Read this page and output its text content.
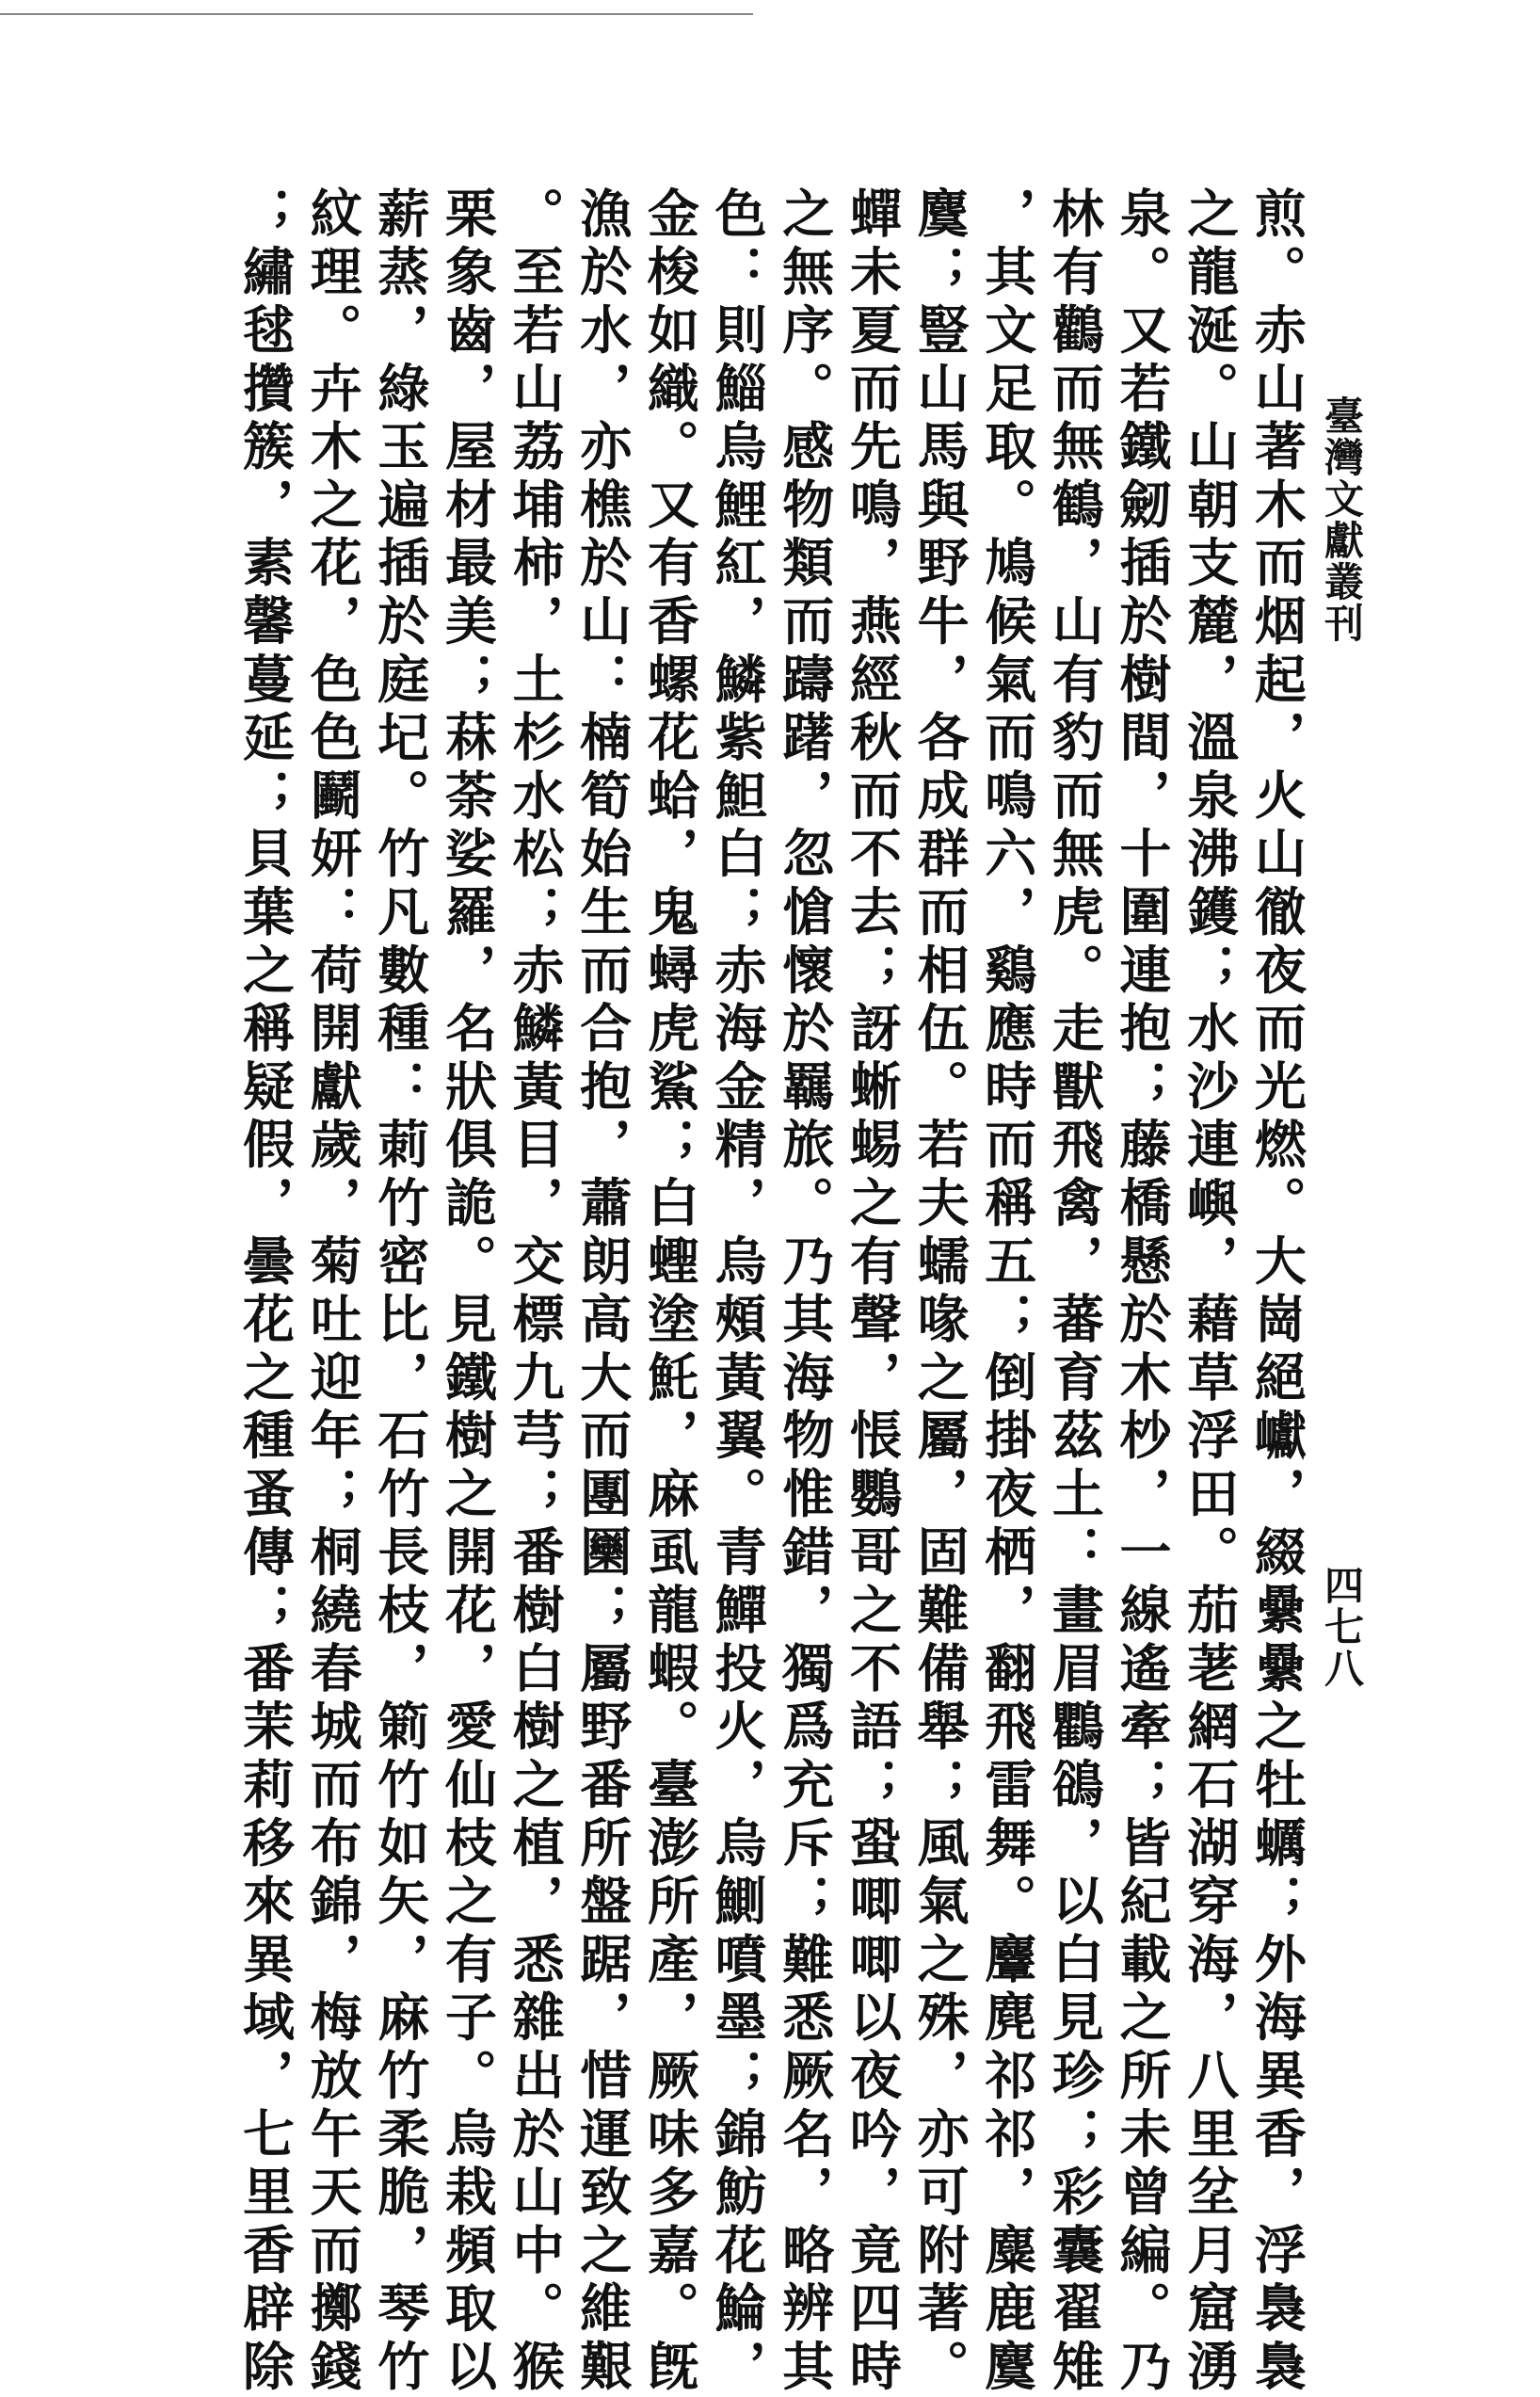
臺灣文獻叢刊
四七八
煎。赤山著木而烟起，火山徹夜而光燃。大崗絕巘，綴纍纍之牡蠣；外海異香，浮裊裊
之龍涎。山朝支麓，溫泉沸鑊；水沙連嶼，藉草浮田。茄荖網石湖穿海，八里坌月窟湧
泉。又若鐵劒插於樹間，十圍連抱；藤橋懸於木杪，一線遙牽；皆紀載之所未曾編。乃
林有鸛而無鶴，山有豹而無虎。走獸飛禽，蕃育茲土：畫眉鸜鵒，以白見珍；彩囊翟雉
，其文足取。鳩候氣而鳴六，鷄應時而稱五；倒掛夜栖，翻飛雷舞。麞麂祁祁，麋鹿麌
麌；豎山馬與野牛，各成群而相伍。若夫蠕喙之屬，固難備舉；風氣之殊，亦可附著。
蟬未夏而先鳴，燕經秋而不去；訝蜥蜴之有聲，悵鸚哥之不語；蛩唧唧以夜吟，竟四時
之無序。感物類而躊躇，忽愴懷於羈旅。乃其海物惟錯，獨爲充斥；難悉厥名，略辨其
色：則鯔烏鯉紅，鱗紫䱇白；赤海金精，烏頰黃翼。青鱓投火，烏鰂噴墨；錦魴花鯩，
金梭如織。又有香螺花蛤，鬼蟳虎鯊；白蟶塗魠，麻虱龍蝦。臺澎所產，厥味多嘉。旣
漁於水，亦樵於山：楠筍始生而合抱，蕭朗高大而團圞；屬野番所盤踞，惜運致之維艱
。至若山荔埔柿，土杉水松；赤鱗黃目，交標九芎；番樹白樹之植，悉雜出於山中。猴
栗象齒，屋材最美；菻荼娑羅，名狀俱詭。見鐵樹之開花，愛仙枝之有子。烏栽頻取以
薪蒸，綠玉遍插於庭圮。竹凡數種：莿竹密比，石竹長枝，箣竹如矢，麻竹柔脆，琴竹
紋理。卉木之花，色色鬬妍：荷開獻歲，菊吐迎年；桐繞春城而布錦，梅放午天而擲錢
；繡毬攢簇，素馨蔓延；貝葉之稱疑假，曇花之種蚤傳；番茉莉移來異域，七里香辟除
